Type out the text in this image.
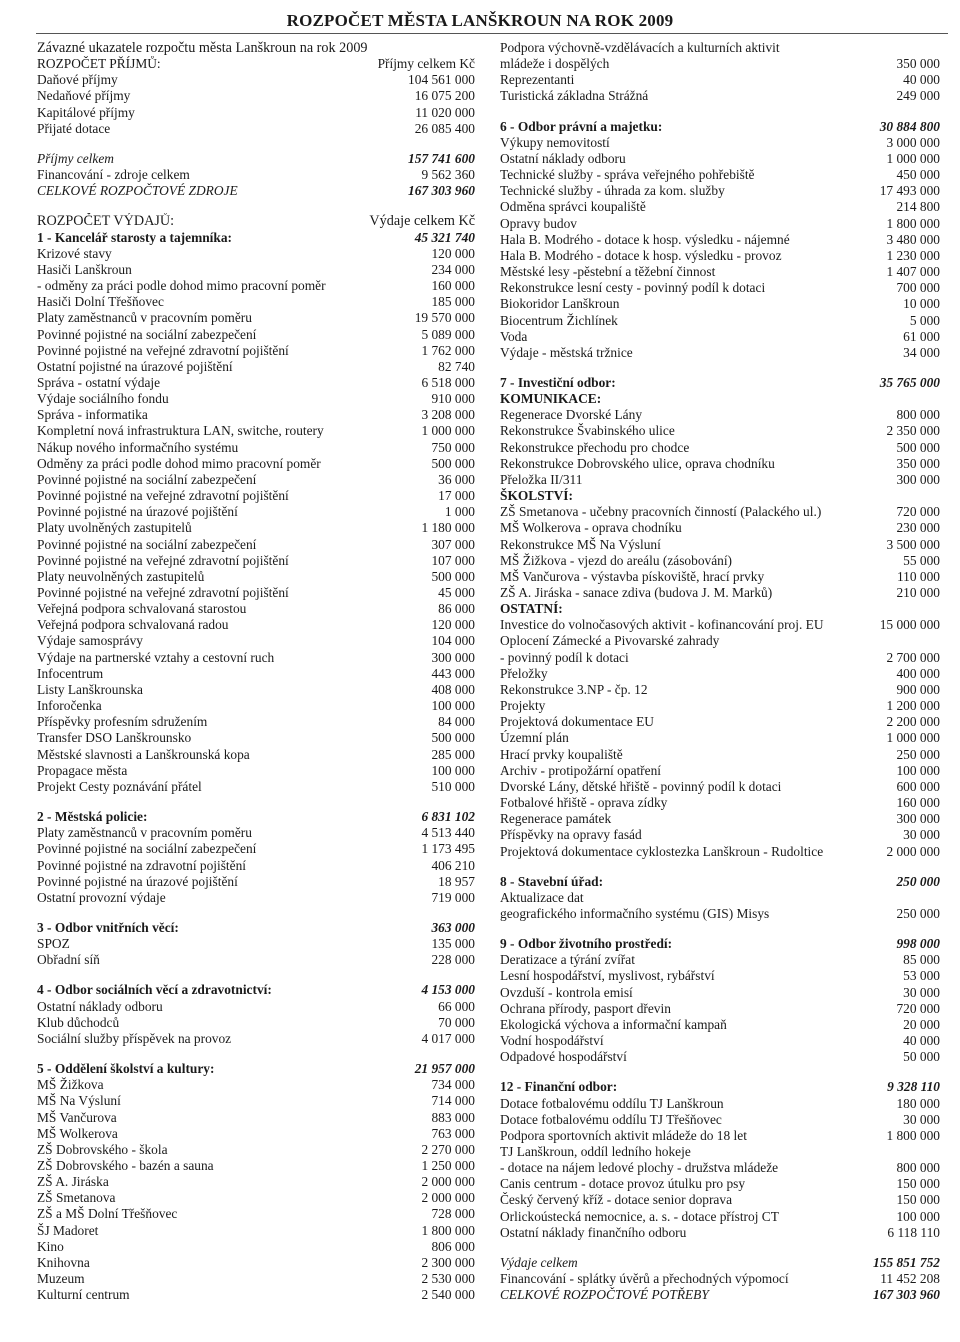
ROZPOČET MĚSTA LANŠKROUN NA ROK 2009
Závazné ukazatele rozpočtu města Lanškroun na rok 2009
ROZPOČET PŘÍJMŮ:	Příjmy celkem Kč
Daňové příjmy	104 561 000
Nedaňové příjmy	16 075 200
Kapitálové příjmy	11 020 000
Přijaté dotace	26 085 400
Příjmy celkem	157 741 600
Financování - zdroje celkem	9 562 360
CELKOVÉ ROZPOČTOVÉ ZDROJE	167 303 960
ROZPOČET VÝDAJŮ:	Výdaje celkem Kč
1 - Kancelář starosty a tajemníka:	45 321 740
Krizové stavy	120 000
Hasiči Lanškroun	234 000
- odměny za práci podle dohod mimo pracovní poměr	160 000
Hasiči Dolní Třešňovec	185 000
Platy zaměstnanců v pracovním poměru	19 570 000
Povinné pojistné na sociální zabezpečení	5 089 000
Povinné pojistné na veřejné zdravotní pojištění	1 762 000
Ostatní pojistné na úrazové pojištění	82 740
Správa - ostatní výdaje	6 518 000
Výdaje sociálního fondu	910 000
Správa - informatika	3 208 000
Kompletní nová infrastruktura LAN, switche, routery	1 000 000
Nákup nového informačního systému	750 000
Odměny za práci podle dohod mimo pracovní poměr	500 000
Povinné pojistné na sociální zabezpečení	36 000
Povinné pojistné na veřejné zdravotní pojištění	17 000
Povinné pojistné na úrazové pojištění	1 000
Platy uvolněných zastupitelů	1 180 000
Povinné pojistné na sociální zabezpečení	307 000
Povinné pojistné na veřejné zdravotní pojištění	107 000
Platy neuvolněných zastupitelů	500 000
Povinné pojistné na veřejné zdravotní pojištění	45 000
Veřejná podpora schvalovaná starostou	86 000
Veřejná podpora schvalovaná radou	120 000
Výdaje samosprávy	104 000
Výdaje na partnerské vztahy a cestovní ruch	300 000
Infocentrum	443 000
Listy Lanškrounska	408 000
Inforočenka	100 000
Příspěvky profesním sdružením	84 000
Transfer DSO Lanškrounsko	500 000
Městské slavnosti a Lanškrounská kopa	285 000
Propagace města	100 000
Projekt Cesty poznávání přátel	510 000
2 - Městská policie:	6 831 102
Platy zaměstnanců v pracovním poměru	4 513 440
Povinné pojistné na sociální zabezpečení	1 173 495
Povinné pojistné na zdravotní pojištění	406 210
Povinné pojistné na úrazové pojištění	18 957
Ostatní provozní výdaje	719 000
3 - Odbor vnitřních věcí:	363 000
SPOZ	135 000
Obřadní síň	228 000
4 - Odbor sociálních věcí a zdravotnictví:	4 153 000
Ostatní náklady odboru	66 000
Klub důchodců	70 000
Sociální služby příspěvek na provoz	4 017 000
5 - Oddělení školství a kultury:	21 957 000
MŠ Žižkova	734 000
MŠ Na Výsluní	714 000
MŠ Vančurova	883 000
MŠ Wolkerova	763 000
ZŠ Dobrovského - škola	2 270 000
ZŠ Dobrovského - bazén a sauna	1 250 000
ZŠ A. Jiráska	2 000 000
ZŠ Smetanova	2 000 000
ZŠ a MŠ Dolní Třešňovec	728 000
ŠJ Madoret	1 800 000
Kino	806 000
Knihovna	2 300 000
Muzeum	2 530 000
Kulturní centrum	2 540 000
Podpora výchovně-vzdělávacích a kulturních aktivit
mládeže i dospělých	350 000
Reprezentanti	40 000
Turistická základna Strážná	249 000
6 - Odbor právní a majetku:	30 884 800
Výkupy nemovitostí	3 000 000
Ostatní náklady odboru	1 000 000
Technické služby - správa veřejného pohřebiště	450 000
Technické služby - úhrada za kom. služby	17 493 000
Odměna správci koupaliště	214 800
Opravy budov	1 800 000
Hala B. Modrého - dotace k hosp. výsledku - nájemné	3 480 000
Hala B. Modrého - dotace k hosp. výsledku - provoz	1 230 000
Městské lesy -pěstební a těžební činnost	1 407 000
Rekonstrukce lesní cesty - povinný podíl k dotaci	700 000
Biokoridor Lanškroun	10 000
Biocentrum Žichlínek	5 000
Voda	61 000
Výdaje - městská tržnice	34 000
7 - Investiční odbor:	35 765 000
KOMUNIKACE:
Regenerace Dvorské Lány	800 000
Rekonstrukce Švabinského ulice	2 350 000
Rekonstrukce přechodu pro chodce	500 000
Rekonstrukce Dobrovského ulice, oprava chodníku	350 000
Přeložka II/311	300 000
ŠKOLSTVÍ:
ZŠ Smetanova - učebny pracovních činností (Palackého ul.)	720 000
MŠ Wolkerova - oprava chodníku	230 000
Rekonstrukce MŠ Na Výsluní	3 500 000
MŠ Žižkova - vjezd do areálu (zásobování)	55 000
MŠ Vančurova - výstavba pískoviště, hrací prvky	110 000
ZŠ A. Jiráska - sanace zdiva (budova J. M. Marků)	210 000
OSTATNÍ:
Investice do volnočasových aktivit - kofinancování proj. EU	15 000 000
Oplocení Zámecké a Pivovarské zahrady
- povinný podíl k dotaci	2 700 000
Přeložky	400 000
Rekonstrukce 3.NP - čp. 12	900 000
Projekty	1 200 000
Projektová dokumentace EU	2 200 000
Územní plán	1 000 000
Hrací prvky koupaliště	250 000
Archiv - protipožární opatření	100 000
Dvorské Lány, dětské hřiště - povinný podíl k dotaci	600 000
Fotbalové hřiště - oprava zídky	160 000
Regenerace památek	300 000
Příspěvky na opravy fasád	30 000
Projektová dokumentace cyklostezka Lanškroun - Rudoltice	2 000 000
8 - Stavební úřad:	250 000
Aktualizace dat
geografického informačního systému (GIS) Misys	250 000
9 - Odbor životního prostředí:	998 000
Deratizace a týrání zvířat	85 000
Lesní hospodářství, myslivost, rybářství	53 000
Ovzduší - kontrola emisí	30 000
Ochrana přírody, pasport dřevin	720 000
Ekologická výchova a informační kampaň	20 000
Vodní hospodářství	40 000
Odpadové hospodářství	50 000
12 - Finanční odbor:	9 328 110
Dotace fotbalovému oddílu TJ Lanškroun	180 000
Dotace fotbalovému oddílu TJ Třešňovec	30 000
Podpora sportovních aktivit mládeže do 18 let	1 800 000
TJ Lanškroun, oddíl ledního hokeje
- dotace na nájem ledové plochy - družstva mládeže	800 000
Canis centrum - dotace provoz útulku pro psy	150 000
Český červený kříž - dotace senior doprava	150 000
Orlickoústecká nemocnice, a. s. - dotace přístroj CT	100 000
Ostatní náklady finančního odboru	6 118 110
Výdaje celkem	155 851 752
Financování - splátky úvěrů a přechodných výpomocí	11 452 208
CELKOVÉ ROZPOČTOVÉ POTŘEBY	167 303 960
